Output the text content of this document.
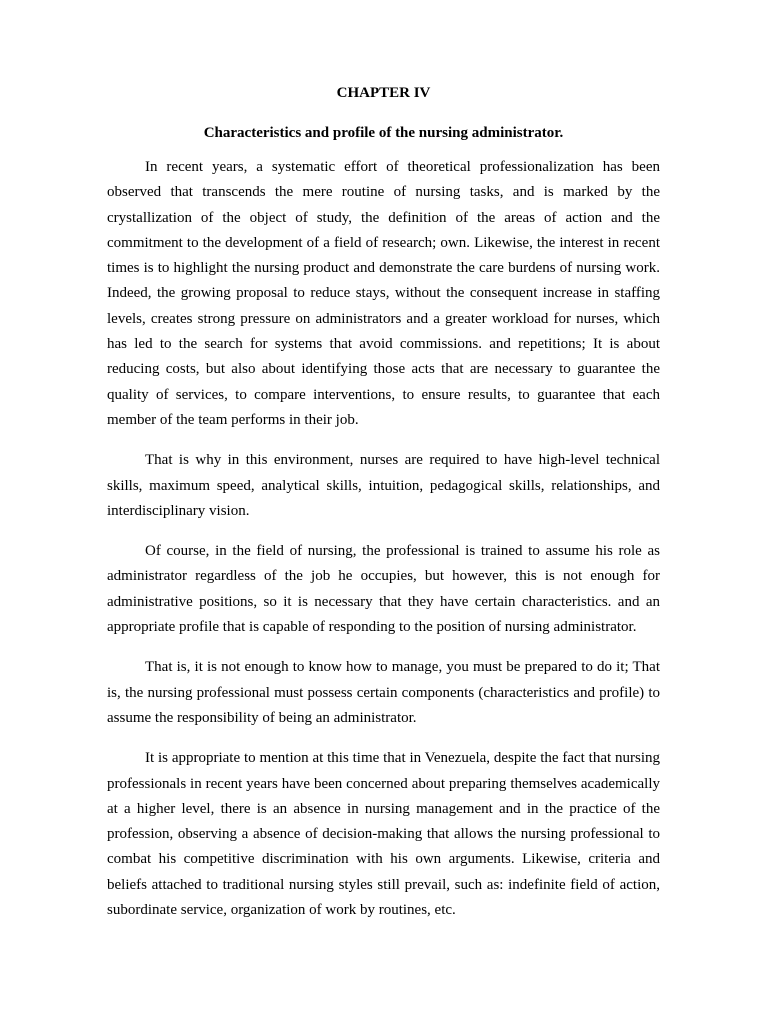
CHAPTER IV
Characteristics and profile of the nursing administrator.

In recent years, a systematic effort of theoretical professionalization has been observed that transcends the mere routine of nursing tasks, and is marked by the crystallization of the object of study, the definition of the areas of action and the commitment to the development of a field of research; own. Likewise, the interest in recent times is to highlight the nursing product and demonstrate the care burdens of nursing work. Indeed, the growing proposal to reduce stays, without the consequent increase in staffing levels, creates strong pressure on administrators and a greater workload for nurses, which has led to the search for systems that avoid commissions. and repetitions; It is about reducing costs, but also about identifying those acts that are necessary to guarantee the quality of services, to compare interventions, to ensure results, to guarantee that each member of the team performs in their job.

That is why in this environment, nurses are required to have high-level technical skills, maximum speed, analytical skills, intuition, pedagogical skills, relationships, and interdisciplinary vision.

Of course, in the field of nursing, the professional is trained to assume his role as administrator regardless of the job he occupies, but however, this is not enough for administrative positions, so it is necessary that they have certain characteristics. and an appropriate profile that is capable of responding to the position of nursing administrator.

That is, it is not enough to know how to manage, you must be prepared to do it; That is, the nursing professional must possess certain components (characteristics and profile) to assume the responsibility of being an administrator.

It is appropriate to mention at this time that in Venezuela, despite the fact that nursing professionals in recent years have been concerned about preparing themselves academically at a higher level, there is an absence in nursing management and in the practice of the profession, observing a absence of decision-making that allows the nursing professional to combat his competitive discrimination with his own arguments. Likewise, criteria and beliefs attached to traditional nursing styles still prevail, such as: indefinite field of action, subordinate service, organization of work by routines, etc.
